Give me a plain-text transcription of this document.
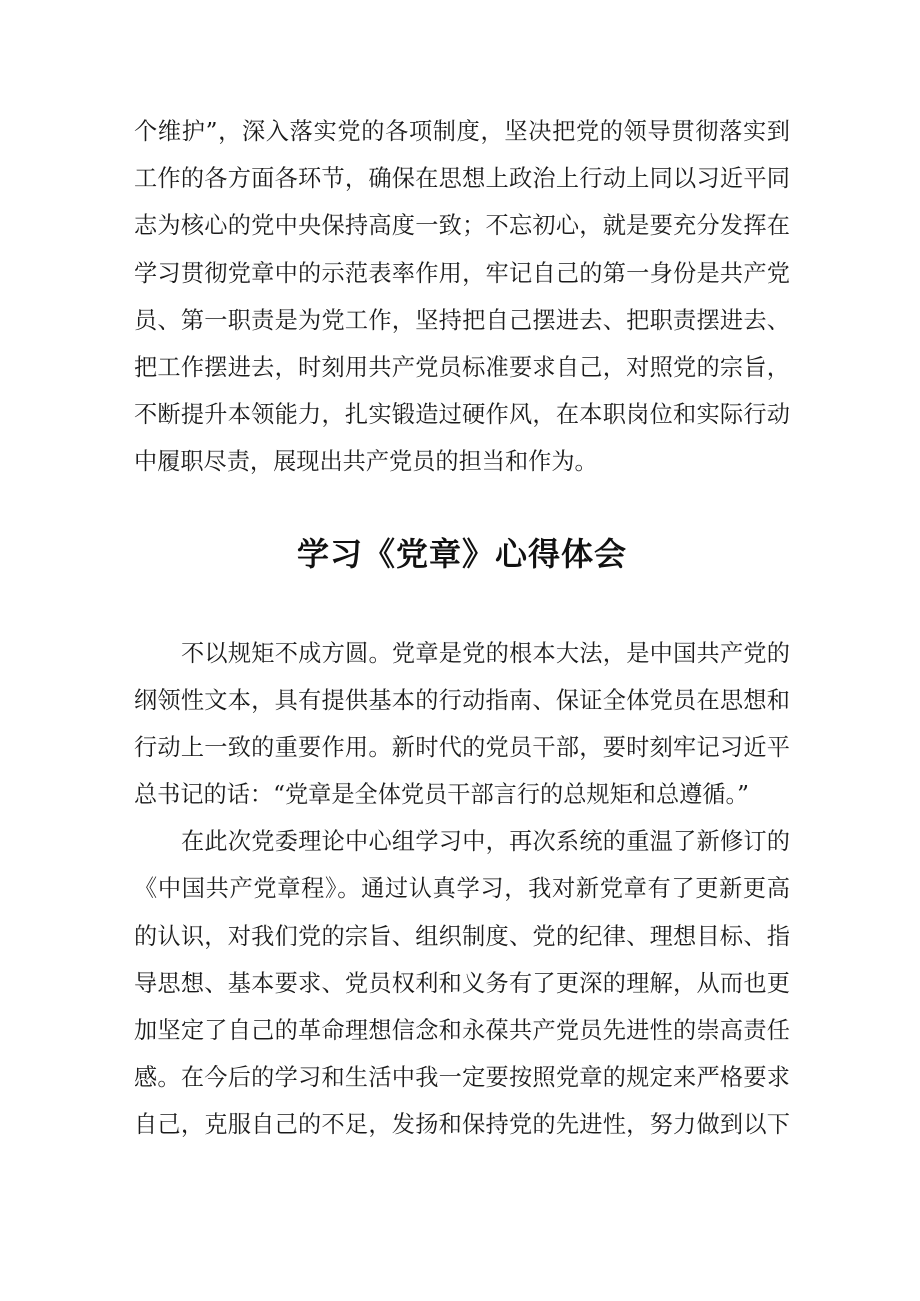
个维护”，深入落实党的各项制度，坚决把党的领导贯彻落实到
工作的各方面各环节，确保在思想上政治上行动上同以习近平同
志为核心的党中央保持高度一致；不忘初心，就是要充分发挥在
学习贯彻党章中的示范表率作用，牢记自己的第一身份是共产党
员、第一职责是为党工作，坚持把自己摆进去、把职责摆进去、
把工作摆进去，时刻用共产党员标准要求自己，对照党的宗旨，
不断提升本领能力，扎实锻造过硬作风，在本职岗位和实际行动
中履职尽责，展现出共产党员的担当和作为。
学习《党章》心得体会
不以规矩不成方圆。党章是党的根本大法，是中国共产党的
纲领性文本，具有提供基本的行动指南、保证全体党员在思想和
行动上一致的重要作用。新时代的党员干部，要时刻牢记习近平
总书记的话：“党章是全体党员干部言行的总规矩和总遵循。”
在此次党委理论中心组学习中，再次系统的重温了新修订的
《中国共产党章程》。通过认真学习，我对新党章有了更新更高
的认识，对我们党的宗旨、组织制度、党的纪律、理想目标、指
导思想、基本要求、党员权利和义务有了更深的理解，从而也更
加坚定了自己的革命理想信念和永葆共产党员先进性的崇高责任
感。在今后的学习和生活中我一定要按照党章的规定来严格要求
自己，克服自己的不足，发扬和保持党的先进性，努力做到以下
